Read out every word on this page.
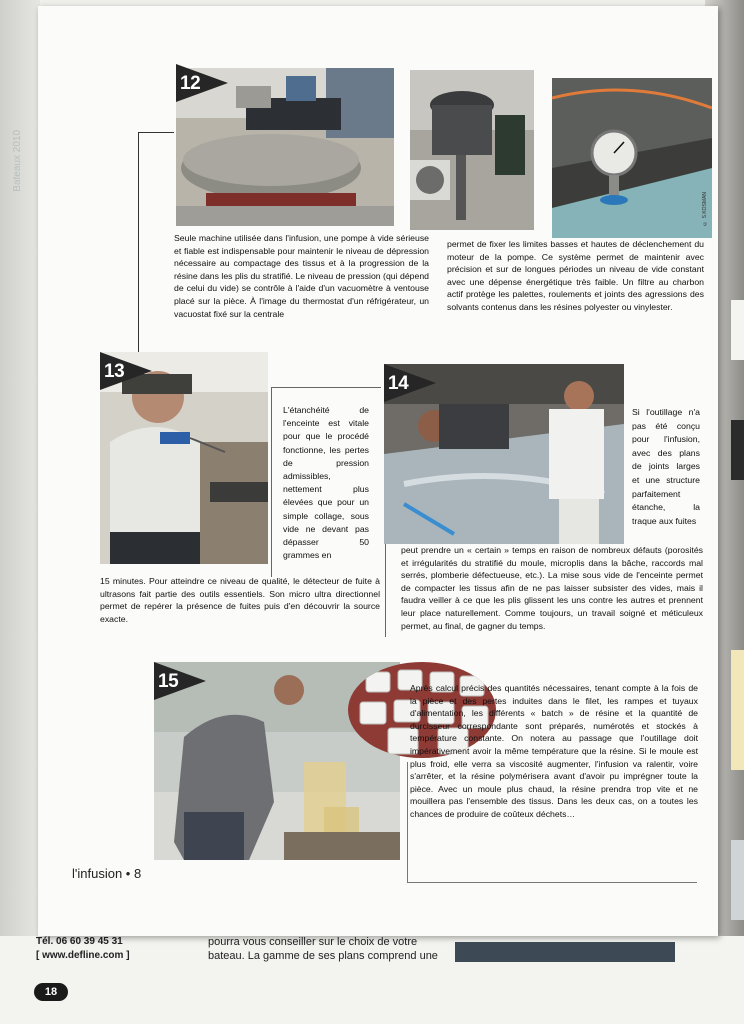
Bateaux 2010
Tél. 06 60 39 45 31
[ www.defline.com ]
pourra vous conseiller sur le choix de votre
bateau. La gamme de ses plans comprend une
18
© S.KOSMAN
12
Seule machine utilisée dans l'infusion, une pompe à vide sérieuse et fiable est indispensable pour maintenir le niveau de dépression nécessaire au compactage des tissus et à la progression de la résine dans les plis du stratifié. Le niveau de pression (qui dépend de celui du vide) se contrôle à l'aide d'un vacuomètre à ventouse placé sur la pièce. À l'image du thermostat d'un réfrigérateur, un vacuostat fixé sur la centrale
permet de fixer les limites basses et hautes de déclenchement du moteur de la pompe. Ce système permet de maintenir avec précision et sur de longues périodes un niveau de vide constant avec une dépense énergétique très faible. Un filtre au charbon actif protège les palettes, roulements et joints des agressions des solvants contenus dans les résines polyester ou vinylester.
13
L'étanchéité de l'enceinte est vitale pour que le procédé fonctionne, les pertes de pression admissibles, nettement plus élevées que pour un simple collage, sous vide ne devant pas dépasser 50 grammes en
15 minutes. Pour atteindre ce niveau de qualité, le détecteur de fuite à ultrasons fait partie des outils essentiels. Son micro ultra directionnel permet de repérer la présence de fuites puis d'en découvrir la source exacte.
14
Si l'outillage n'a pas été conçu pour l'infusion, avec des plans de joints larges et une structure parfaitement étanche, la traque aux fuites
peut prendre un « certain » temps en raison de nombreux défauts (porosités et irrégularités du stratifié du moule, microplis dans la bâche, raccords mal serrés, plomberie défectueuse, etc.). La mise sous vide de l'enceinte permet de compacter les tissus afin de ne pas laisser subsister des vides, mais il faudra veiller à ce que les plis glissent les uns contre les autres et prennent leur place naturellement. Comme toujours, un travail soigné et méticuleux permet, au final, de gagner du temps.
15	Après calcul précis des quantités nécessaires, tenant compte à la fois de la pièce et des pertes induites dans le filet, les rampes et tuyaux d'alimentation, les différents « batch » de résine et la quantité de durcisseur correspondante sont préparés, numérotés et stockés à température constante. On notera au passage que l'outillage doit impérativement avoir la même température que la résine. Si le moule est plus froid, elle verra sa viscosité augmenter, l'infusion va ralentir, voire s'arrêter, et la résine polymérisera avant d'avoir pu imprégner toute la pièce. Avec un moule plus chaud, la résine prendra trop vite et ne mouillera pas l'ensemble des tissus. Dans les deux cas, on a toutes les chances de produire de coûteux déchets…
l'infusion • 8
